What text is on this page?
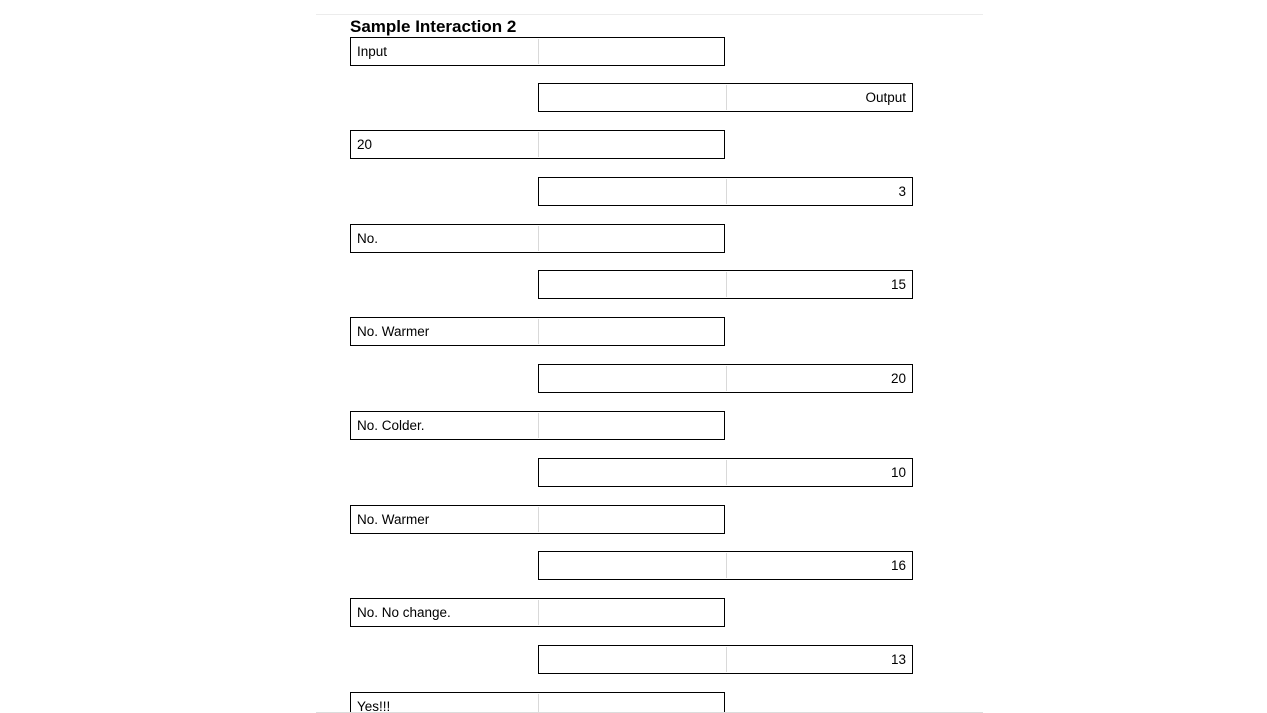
Sample Interaction 2
Input
Output
20
3
No.
15
No. Warmer
20
No. Colder.
10
No. Warmer
16
No. No change.
13
Yes!!!
